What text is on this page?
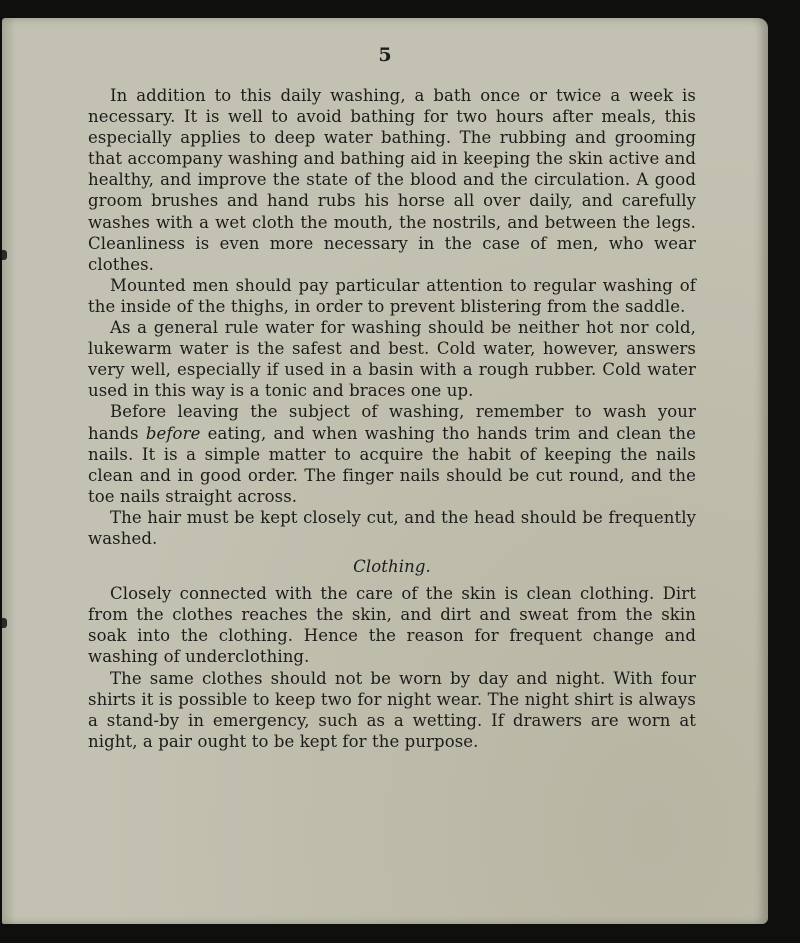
5

In addition to this daily washing, a bath once or twice a week is necessary. It is well to avoid bathing for two hours after meals, this especially applies to deep water bathing. The rubbing and grooming that accompany washing and bathing aid in keeping the skin active and healthy, and improve the state of the blood and the circulation. A good groom brushes and hand rubs his horse all over daily, and carefully washes with a wet cloth the mouth, the nostrils, and between the legs. Cleanliness is even more necessary in the case of men, who wear clothes.

Mounted men should pay particular attention to regular washing of the inside of the thighs, in order to prevent blistering from the saddle.

As a general rule water for washing should be neither hot nor cold, lukewarm water is the safest and best. Cold water, however, answers very well, especially if used in a basin with a rough rubber. Cold water used in this way is a tonic and braces one up.

Before leaving the subject of washing, remember to wash your hands before eating, and when washing tho hands trim and clean the nails. It is a simple matter to acquire the habit of keeping the nails clean and in good order. The finger nails should be cut round, and the toe nails straight across.

The hair must be kept closely cut, and the head should be frequently washed.

Clothing.

Closely connected with the care of the skin is clean clothing. Dirt from the clothes reaches the skin, and dirt and sweat from the skin soak into the clothing. Hence the reason for frequent change and washing of underclothing.

The same clothes should not be worn by day and night. With four shirts it is possible to keep two for night wear. The night shirt is always a stand-by in emergency, such as a wetting. If drawers are worn at night, a pair ought to be kept for the purpose.
